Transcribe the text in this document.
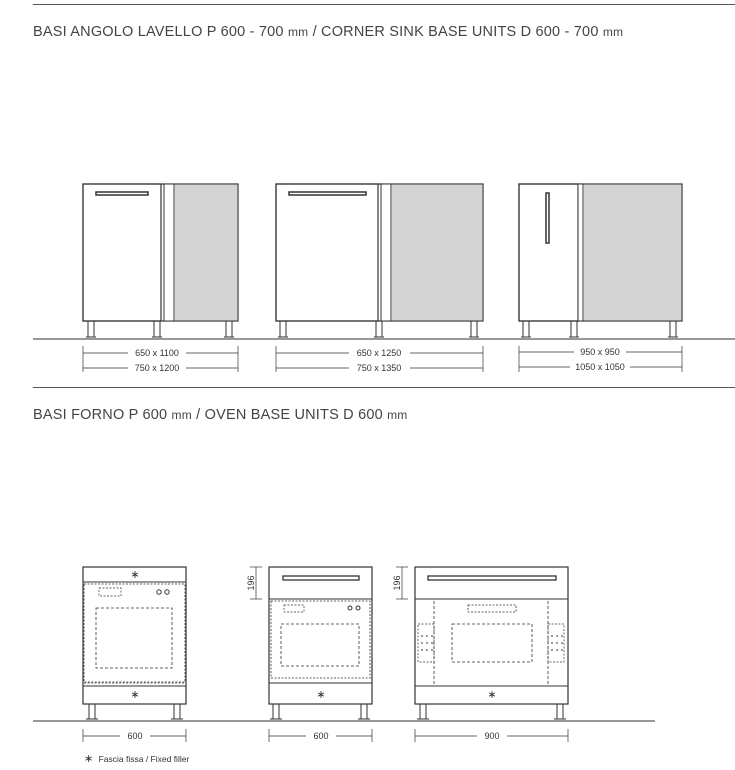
BASI ANGOLO LAVELLO P 600 - 700 mm / CORNER SINK BASE UNITS D 600 - 700 mm
BASI FORNO P 600 mm / OVEN BASE UNITS D 600 mm
650 x 1100
750 x 1200
650 x 1250
750 x 1350
950 x 950
1050 x 1050
600	600	900
196	196
∗
∗	∗	∗
∗ Fascia fissa / Fixed filler
